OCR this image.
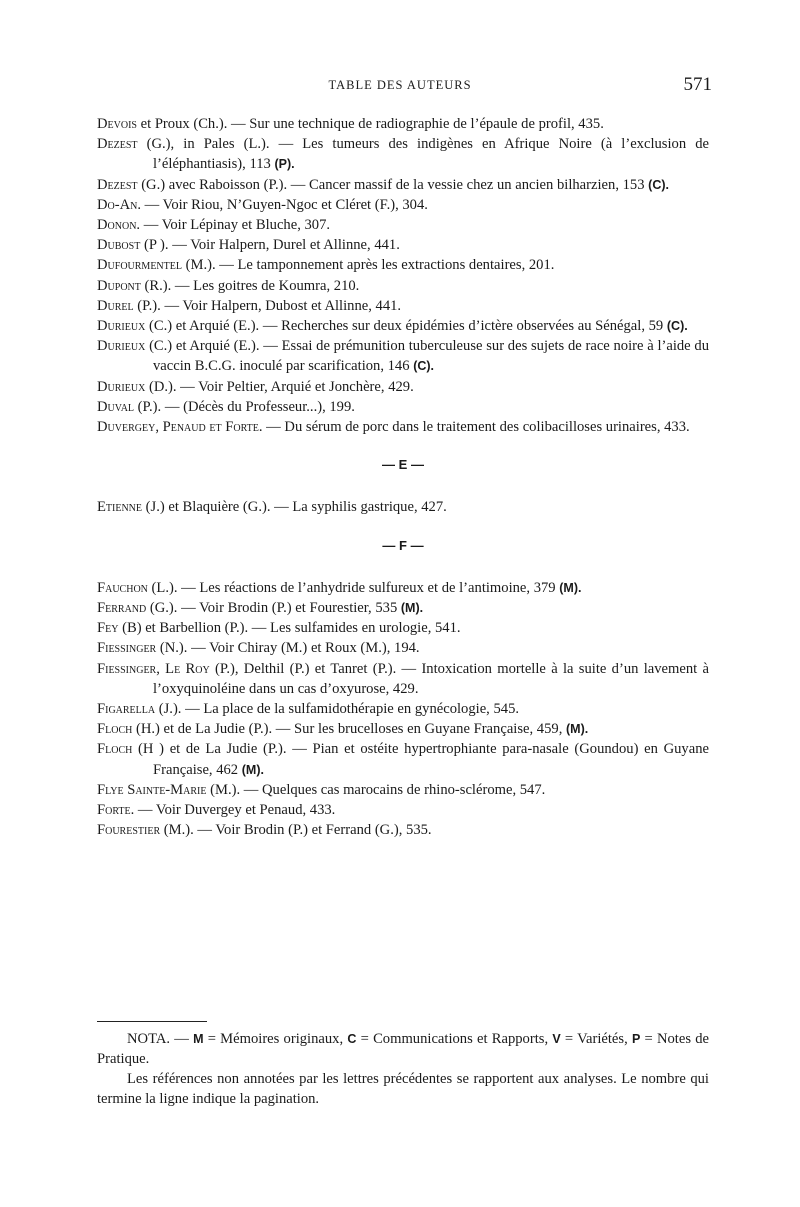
TABLE DES AUTEURS	571

Devois et Proux (Ch.). — Sur une technique de radiographie de l’épaule de profil, 435.

Dezest (G.), in Pales (L.). — Les tumeurs des indigènes en Afrique Noire (à l’exclusion de l’éléphantiasis), 113 (P).

Dezest (G.) avec Raboisson (P.). — Cancer massif de la vessie chez un ancien bilharzien, 153 (C).

Do-An. — Voir Riou, N’Guyen-Ngoc et Cléret (F.), 304.

Donon. — Voir Lépinay et Bluche, 307.

Dubost (P ). — Voir Halpern, Durel et Allinne, 441.

Dufourmentel (M.). — Le tamponnement après les extractions dentaires, 201.

Dupont (R.). — Les goitres de Koumra, 210.

Durel (P.). — Voir Halpern, Dubost et Allinne, 441.

Durieux (C.) et Arquié (E.). — Recherches sur deux épidémies d’ictère observées au Sénégal, 59 (C).

Durieux (C.) et Arquié (E.). — Essai de prémunition tuberculeuse sur des sujets de race noire à l’aide du vaccin B.C.G. inoculé par scarification, 146 (C).

Durieux (D.). — Voir Peltier, Arquié et Jonchère, 429.

Duval (P.). — (Décès du Professeur...), 199.

Duvergey, Penaud et Forte. — Du sérum de porc dans le traitement des colibacilloses urinaires, 433.

— E —

Etienne (J.) et Blaquière (G.). — La syphilis gastrique, 427.

— F —

Fauchon (L.). — Les réactions de l’anhydride sulfureux et de l’antimoine, 379 (M).

Ferrand (G.). — Voir Brodin (P.) et Fourestier, 535 (M).

Fey (B) et Barbellion (P.). — Les sulfamides en urologie, 541.

Fiessinger (N.). — Voir Chiray (M.) et Roux (M.), 194.

Fiessinger, Le Roy (P.), Delthil (P.) et Tanret (P.). — Intoxication mortelle à la suite d’un lavement à l’oxyquinoléine dans un cas d’oxyurose, 429.

Figarella (J.). — La place de la sulfamidothérapie en gynécologie, 545.

Floch (H.) et de La Judie (P.). — Sur les brucelloses en Guyane Française, 459, (M).

Floch (H ) et de La Judie (P.). — Pian et ostéite hypertrophiante para-nasale (Goundou) en Guyane Française, 462 (M).

Flye Sainte-Marie (M.). — Quelques cas marocains de rhino-sclérome, 547.

Forte. — Voir Duvergey et Penaud, 433.

Fourestier (M.). — Voir Brodin (P.) et Ferrand (G.), 535.

NOTA. — M = Mémoires originaux, C = Communications et Rapports, V = Variétés, P = Notes de Pratique.

Les références non annotées par les lettres précédentes se rapportent aux analyses. Le nombre qui termine la ligne indique la pagination.
